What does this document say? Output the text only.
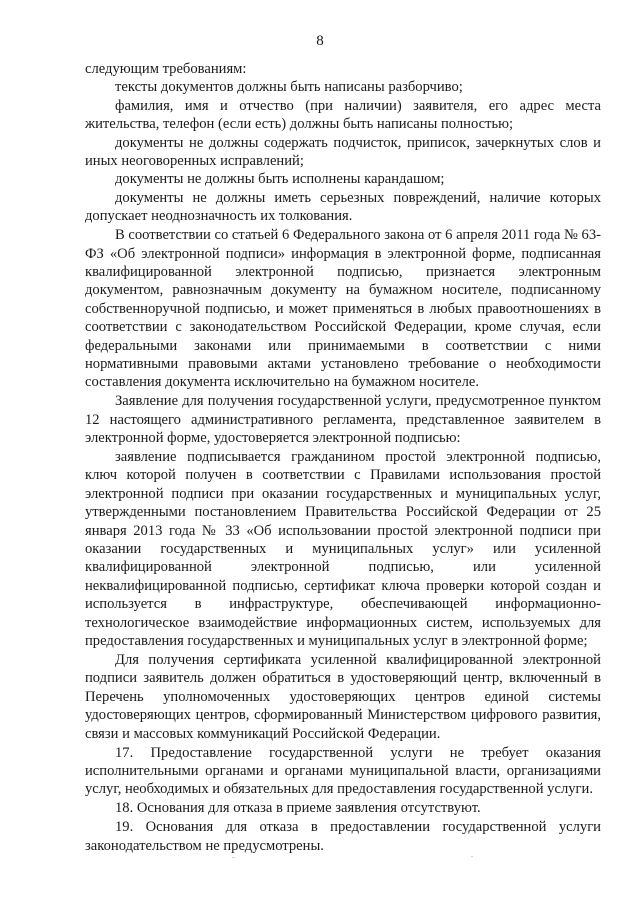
8

следующим требованиям:

тексты документов должны быть написаны разборчиво;

фамилия, имя и отчество (при наличии) заявителя, его адрес места жительства, телефон (если есть) должны быть написаны полностью;

документы не должны содержать подчисток, приписок, зачеркнутых слов и иных неоговоренных исправлений;

документы не должны быть исполнены карандашом;

документы не должны иметь серьезных повреждений, наличие которых допускает неоднозначность их толкования.

В соответствии со статьей 6 Федерального закона от 6 апреля 2011 года № 63-ФЗ «Об электронной подписи» информация в электронной форме, подписанная квалифицированной электронной подписью, признается электронным документом, равнозначным документу на бумажном носителе, подписанному собственноручной подписью, и может применяться в любых правоотношениях в соответствии с законодательством Российской Федерации, кроме случая, если федеральными законами или принимаемыми в соответствии с ними нормативными правовыми актами установлено требование о необходимости составления документа исключительно на бумажном носителе.

Заявление для получения государственной услуги, предусмотренное пунктом 12 настоящего административного регламента, представленное заявителем в электронной форме, удостоверяется электронной подписью:

заявление подписывается гражданином простой электронной подписью, ключ которой получен в соответствии с Правилами использования простой электронной подписи при оказании государственных и муниципальных услуг, утвержденными постановлением Правительства Российской Федерации от 25 января 2013 года № 33 «Об использовании простой электронной подписи при оказании государственных и муниципальных услуг» или усиленной квалифицированной электронной подписью, или усиленной неквалифицированной подписью, сертификат ключа проверки которой создан и используется в инфраструктуре, обеспечивающей информационно-технологическое взаимодействие информационных систем, используемых для предоставления государственных и муниципальных услуг в электронной форме;

Для получения сертификата усиленной квалифицированной электронной подписи заявитель должен обратиться в удостоверяющий центр, включенный в Перечень уполномоченных удостоверяющих центров единой системы удостоверяющих центров, сформированный Министерством цифрового развития, связи и массовых коммуникаций Российской Федерации.

17. Предоставление государственной услуги не требует оказания исполнительными органами и органами муниципальной власти, организациями услуг, необходимых и обязательных для предоставления государственной услуги.

18. Основания для отказа в приеме заявления отсутствуют.

19. Основания для отказа в предоставлении государственной услуги законодательством не предусмотрены.
